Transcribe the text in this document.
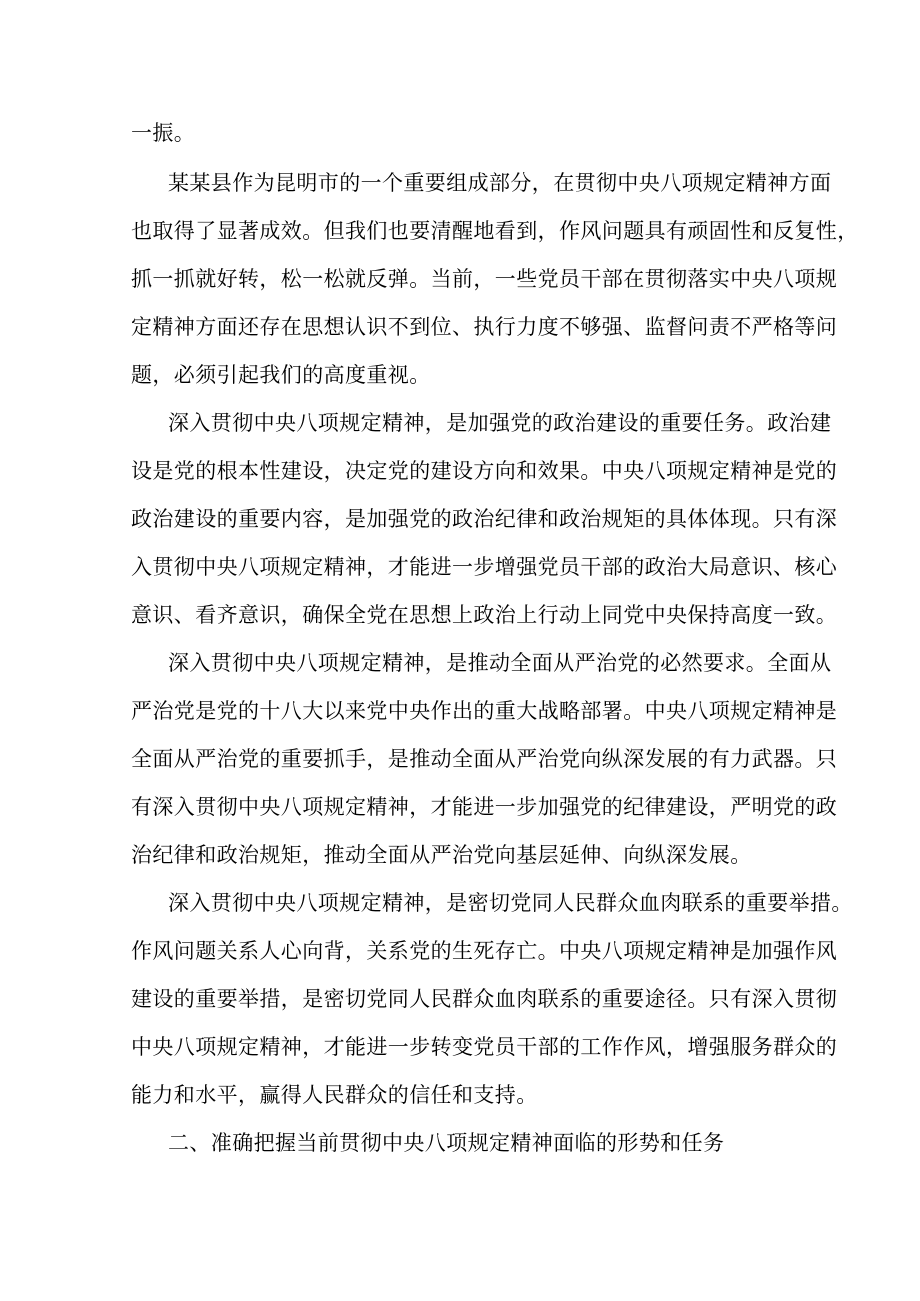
一振。
某某县作为昆明市的一个重要组成部分，在贯彻中央八项规定精神方面
也取得了显著成效。但我们也要清醒地看到，作风问题具有顽固性和反复性，
抓一抓就好转，松一松就反弹。当前，一些党员干部在贯彻落实中央八项规
定精神方面还存在思想认识不到位、执行力度不够强、监督问责不严格等问
题，必须引起我们的高度重视。
深入贯彻中央八项规定精神，是加强党的政治建设的重要任务。政治建
设是党的根本性建设，决定党的建设方向和效果。中央八项规定精神是党的
政治建设的重要内容，是加强党的政治纪律和政治规矩的具体体现。只有深
入贯彻中央八项规定精神，才能进一步增强党员干部的政治大局意识、核心
意识、看齐意识，确保全党在思想上政治上行动上同党中央保持高度一致。
深入贯彻中央八项规定精神，是推动全面从严治党的必然要求。全面从
严治党是党的十八大以来党中央作出的重大战略部署。中央八项规定精神是
全面从严治党的重要抓手，是推动全面从严治党向纵深发展的有力武器。只
有深入贯彻中央八项规定精神，才能进一步加强党的纪律建设，严明党的政
治纪律和政治规矩，推动全面从严治党向基层延伸、向纵深发展。
深入贯彻中央八项规定精神，是密切党同人民群众血肉联系的重要举措。
作风问题关系人心向背，关系党的生死存亡。中央八项规定精神是加强作风
建设的重要举措，是密切党同人民群众血肉联系的重要途径。只有深入贯彻
中央八项规定精神，才能进一步转变党员干部的工作作风，增强服务群众的
能力和水平，赢得人民群众的信任和支持。
二、准确把握当前贯彻中央八项规定精神面临的形势和任务
